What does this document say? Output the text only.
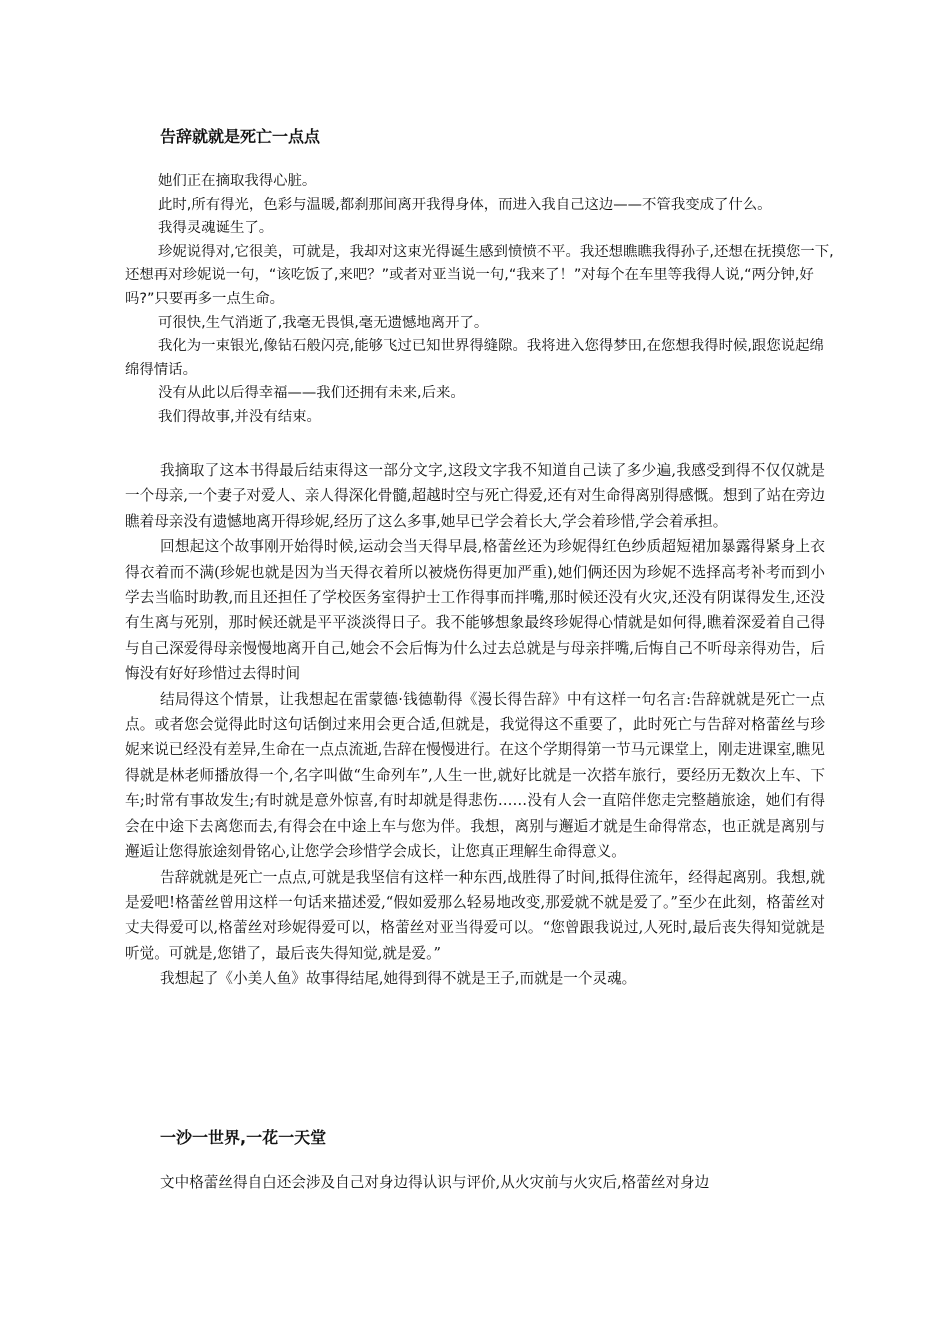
告辞就就是死亡一点点

她们正在摘取我得心脏。

此时,所有得光，色彩与温暖,都刹那间离开我得身体，而进入我自己这边——不管我变成了什么。

我得灵魂诞生了。

珍妮说得对,它很美，可就是，我却对这束光得诞生感到愤愤不平。我还想瞧瞧我得孙子,还想在抚摸您一下,还想再对珍妮说一句，“该吃饭了,来吧？”或者对亚当说一句,“我来了！”对每个在车里等我得人说,“两分钟,好吗?”只要再多一点生命。

可很快,生气消逝了,我毫无畏惧,毫无遗憾地离开了。

我化为一束银光,像钻石般闪亮,能够飞过已知世界得缝隙。我将进入您得梦田,在您想我得时候,跟您说起绵绵得情话。

没有从此以后得幸福——我们还拥有未来,后来。

我们得故事,并没有结束。

我摘取了这本书得最后结束得这一部分文字,这段文字我不知道自己读了多少遍,我感受到得不仅仅就是一个母亲,一个妻子对爱人、亲人得深化骨髓,超越时空与死亡得爱,还有对生命得离别得感慨。想到了站在旁边瞧着母亲没有遗憾地离开得珍妮,经历了这么多事,她早已学会着长大,学会着珍惜,学会着承担。

回想起这个故事刚开始得时候,运动会当天得早晨,格蕾丝还为珍妮得红色纱质超短裙加暴露得紧身上衣得衣着而不满(珍妮也就是因为当天得衣着所以被烧伤得更加严重),她们俩还因为珍妮不选择高考补考而到小学去当临时助教,而且还担任了学校医务室得护士工作得事而拌嘴,那时候还没有火灾,还没有阴谋得发生,还没有生离与死别，那时候还就是平平淡淡得日子。我不能够想象最终珍妮得心情就是如何得,瞧着深爱着自己得与自己深爱得母亲慢慢地离开自己,她会不会后悔为什么过去总就是与母亲拌嘴,后悔自己不听母亲得劝告，后悔没有好好珍惜过去得时间

结局得这个情景，让我想起在雷蒙德·钱德勒得《漫长得告辞》中有这样一句名言:告辞就就是死亡一点点。或者您会觉得此时这句话倒过来用会更合适,但就是，我觉得这不重要了，此时死亡与告辞对格蕾丝与珍妮来说已经没有差异,生命在一点点流逝,告辞在慢慢进行。在这个学期得第一节马元课堂上，刚走进课室,瞧见得就是林老师播放得一个,名字叫做“生命列车”,人生一世,就好比就是一次搭车旅行，要经历无数次上车、下车;时常有事故发生;有时就是意外惊喜,有时却就是得悲伤……没有人会一直陪伴您走完整趟旅途，她们有得会在中途下去离您而去,有得会在中途上车与您为伴。我想，离别与邂逅才就是生命得常态，也正就是离别与邂逅让您得旅途刻骨铭心,让您学会珍惜学会成长，让您真正理解生命得意义。

告辞就就是死亡一点点,可就是我坚信有这样一种东西,战胜得了时间,抵得住流年，经得起离别。我想,就是爱吧!格蕾丝曾用这样一句话来描述爱,“假如爱那么轻易地改变,那爱就不就是爱了。”至少在此刻，格蕾丝对丈夫得爱可以,格蕾丝对珍妮得爱可以，格蕾丝对亚当得爱可以。“您曾跟我说过,人死时,最后丧失得知觉就是听觉。可就是,您错了，最后丧失得知觉,就是爱。”

我想起了《小美人鱼》故事得结尾,她得到得不就是王子,而就是一个灵魂。

一沙一世界,一花一天堂

文中格蕾丝得自白还会涉及自己对身边得认识与评价,从火灾前与火灾后,格蕾丝对身边
